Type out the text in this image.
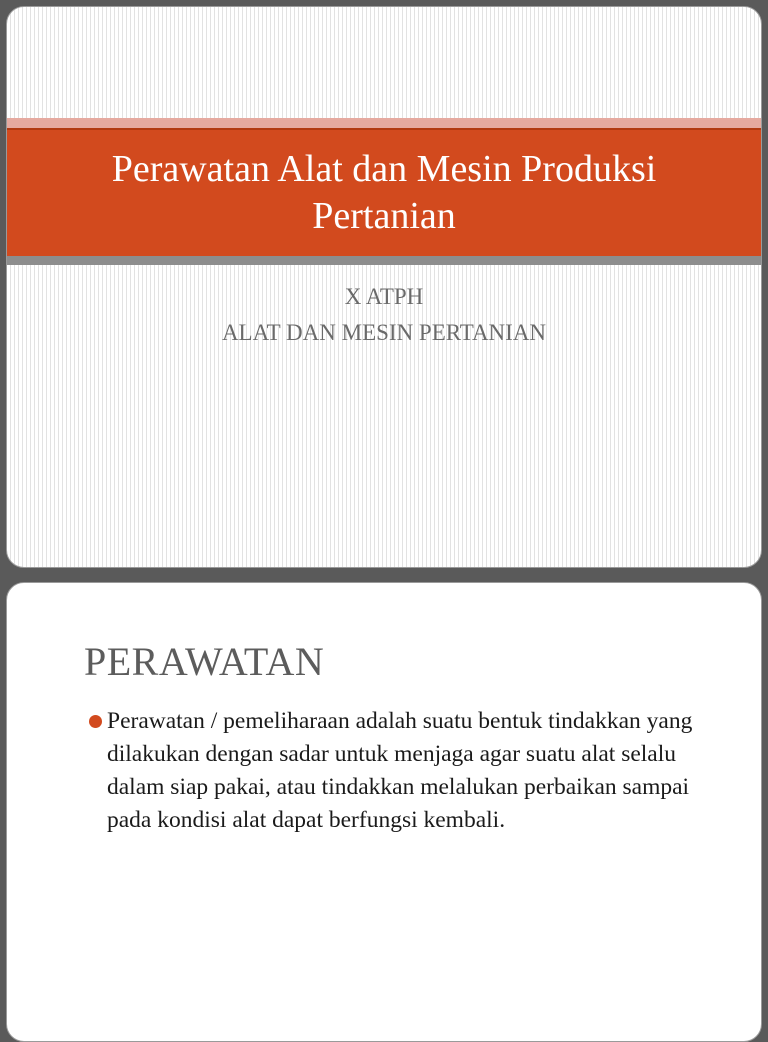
Perawatan Alat dan Mesin Produksi Pertanian
X ATPH
ALAT DAN MESIN PERTANIAN
PERAWATAN

Perawatan / pemeliharaan adalah suatu bentuk tindakkan yang dilakukan dengan sadar untuk menjaga agar suatu alat selalu dalam siap pakai, atau tindakkan melalukan perbaikan sampai pada kondisi alat dapat berfungsi kembali.
